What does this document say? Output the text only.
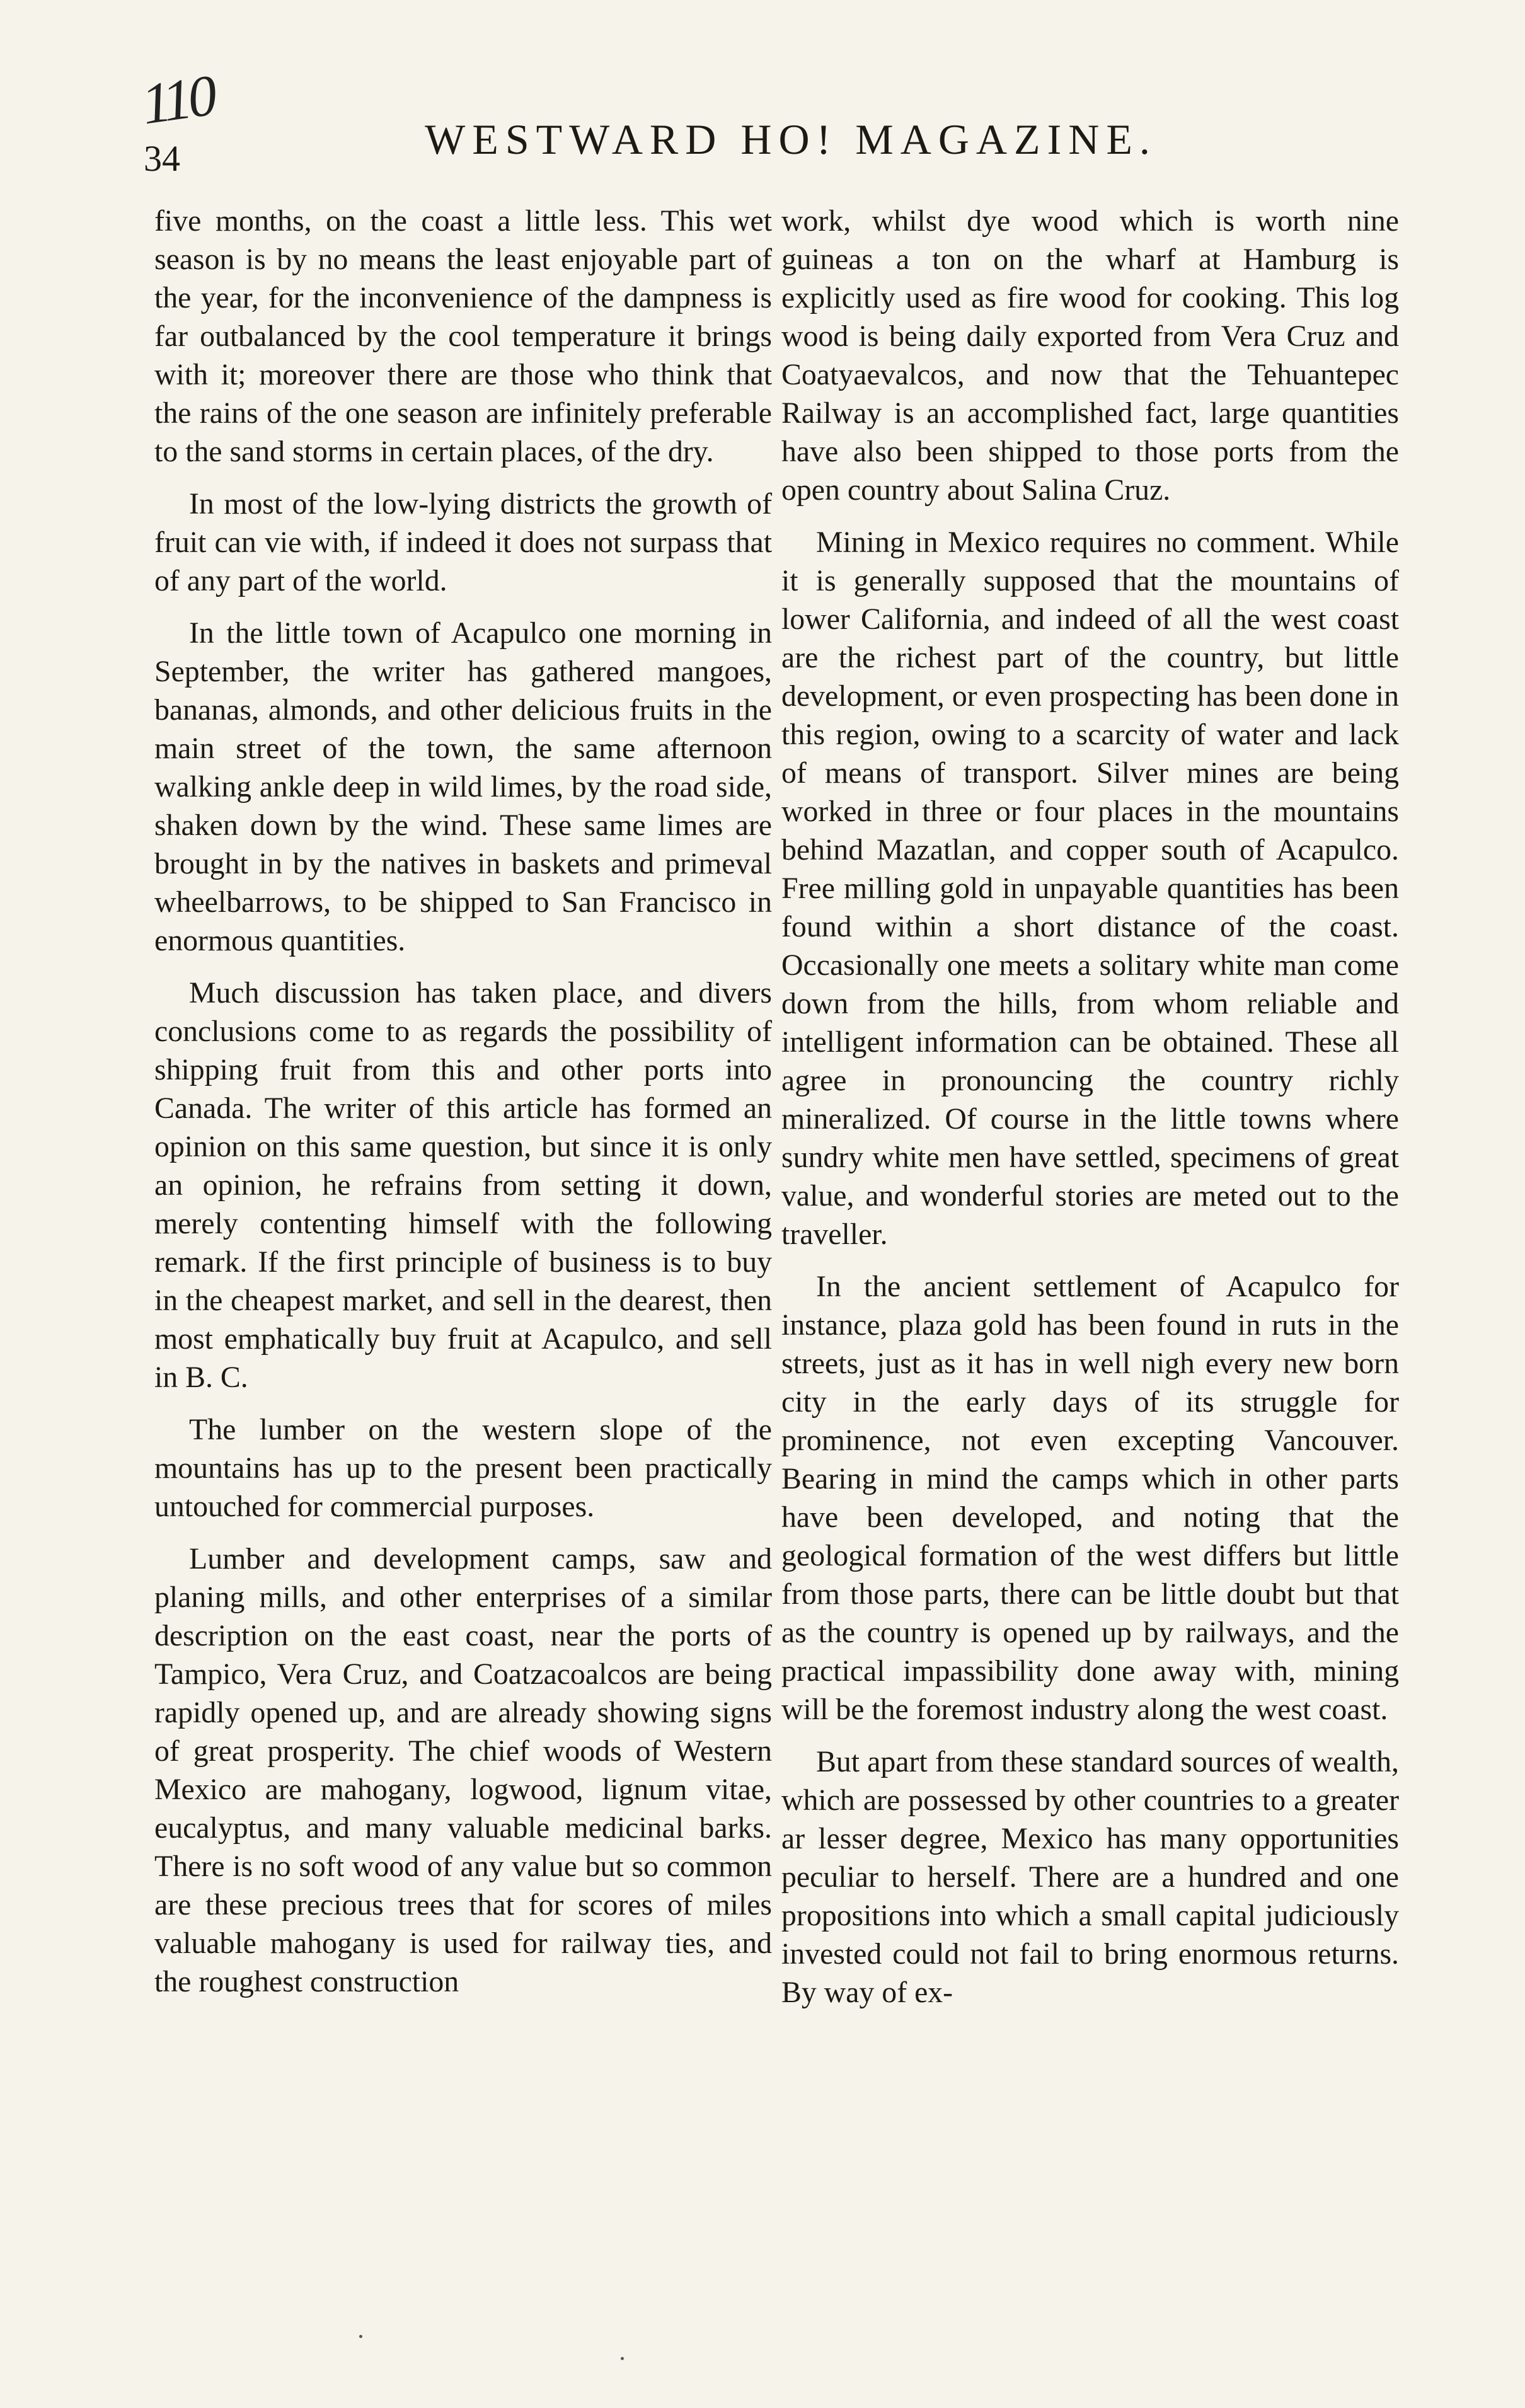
110
34	WESTWARD HO! MAGAZINE.

five months, on the coast a little less. This wet season is by no means the least enjoyable part of the year, for the inconvenience of the dampness is far outbalanced by the cool temperature it brings with it; moreover there are those who think that the rains of the one season are infinitely preferable to the sand storms in certain places, of the dry.

In most of the low-lying districts the growth of fruit can vie with, if indeed it does not surpass that of any part of the world.

In the little town of Acapulco one morning in September, the writer has gathered mangoes, bananas, almonds, and other delicious fruits in the main street of the town, the same afternoon walking ankle deep in wild limes, by the road side, shaken down by the wind. These same limes are brought in by the natives in baskets and primeval wheelbarrows, to be shipped to San Francisco in enormous quantities.

Much discussion has taken place, and divers conclusions come to as regards the possibility of shipping fruit from this and other ports into Canada. The writer of this article has formed an opinion on this same question, but since it is only an opinion, he refrains from setting it down, merely contenting himself with the following remark. If the first principle of business is to buy in the cheapest market, and sell in the dearest, then most emphatically buy fruit at Acapulco, and sell in B. C.

The lumber on the western slope of the mountains has up to the present been practically untouched for commercial purposes.

Lumber and development camps, saw and planing mills, and other enterprises of a similar description on the east coast, near the ports of Tampico, Vera Cruz, and Coatzacoalcos are being rapidly opened up, and are already showing signs of great prosperity. The chief woods of Western Mexico are mahogany, logwood, lignum vitae, eucalyptus, and many valuable medicinal barks. There is no soft wood of any value but so common are these precious trees that for scores of miles valuable mahogany is used for railway ties, and the roughest construction

work, whilst dye wood which is worth nine guineas a ton on the wharf at Hamburg is explicitly used as fire wood for cooking. This log wood is being daily exported from Vera Cruz and Coatyaevalcos, and now that the Tehuantepec Railway is an accomplished fact, large quantities have also been shipped to those ports from the open country about Salina Cruz.

Mining in Mexico requires no comment. While it is generally supposed that the mountains of lower California, and indeed of all the west coast are the richest part of the country, but little development, or even prospecting has been done in this region, owing to a scarcity of water and lack of means of transport. Silver mines are being worked in three or four places in the mountains behind Mazatlan, and copper south of Acapulco. Free milling gold in unpayable quantities has been found within a short distance of the coast. Occasionally one meets a solitary white man come down from the hills, from whom reliable and intelligent information can be obtained. These all agree in pronouncing the country richly mineralized. Of course in the little towns where sundry white men have settled, specimens of great value, and wonderful stories are meted out to the traveller.

In the ancient settlement of Acapulco for instance, plaza gold has been found in ruts in the streets, just as it has in well nigh every new born city in the early days of its struggle for prominence, not even excepting Vancouver. Bearing in mind the camps which in other parts have been developed, and noting that the geological formation of the west differs but little from those parts, there can be little doubt but that as the country is opened up by railways, and the practical impassibility done away with, mining will be the foremost industry along the west coast.

But apart from these standard sources of wealth, which are possessed by other countries to a greater ar lesser degree, Mexico has many opportunities peculiar to herself. There are a hundred and one propositions into which a small capital judiciously invested could not fail to bring enormous returns. By way of ex-
